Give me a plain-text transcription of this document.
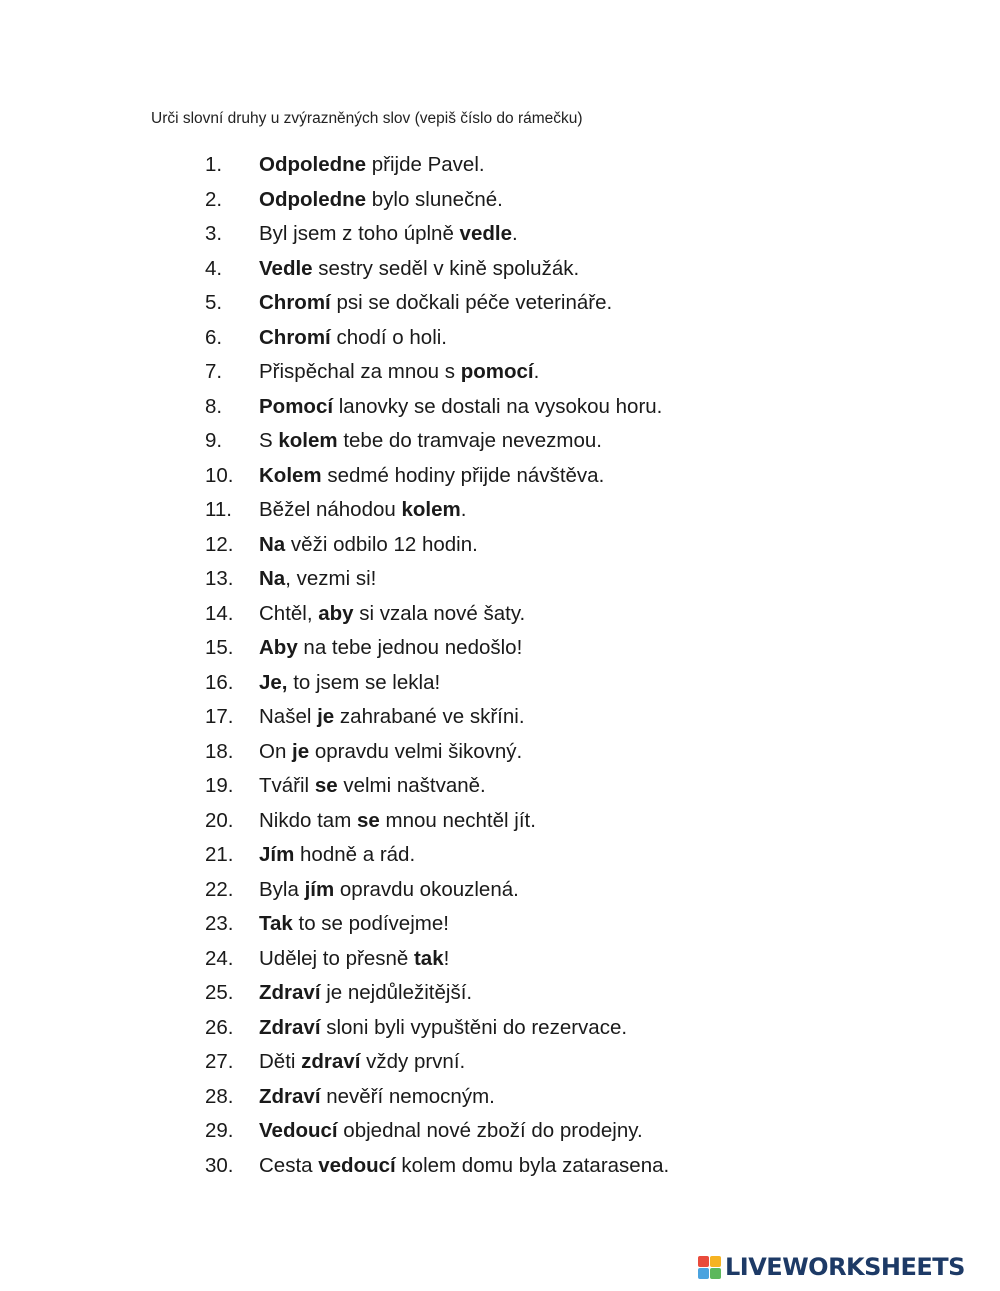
Urči slovní druhy u zvýrazněných slov (vepiš číslo do rámečku)
1.	Odpoledne přijde Pavel.
2.	Odpoledne bylo slunečné.
3.	Byl jsem z toho úplně vedle.
4.	Vedle sestry seděl v kině spolužák.
5.	Chromí psi se dočkali péče veterináře.
6.	Chromí chodí o holi.
7.	Přispěchal za mnou s pomocí.
8.	Pomocí lanovky se dostali na vysokou horu.
9.	S kolem tebe do tramvaje nevezmou.
10.	Kolem sedmé hodiny přijde návštěva.
11.	Běžel náhodou kolem.
12.	Na věži odbilo 12 hodin.
13.	Na, vezmi si!
14.	Chtěl, aby si vzala nové šaty.
15.	Aby na tebe jednou nedošlo!
16.	Je, to jsem se lekla!
17.	Našel je zahrabané ve skříni.
18.	On je opravdu velmi šikovný.
19.	Tvářil se velmi naštvaně.
20.	Nikdo tam se mnou nechtěl jít.
21.	Jím hodně a rád.
22.	Byla jím opravdu okouzlená.
23.	Tak to se podívejme!
24.	Udělej to přesně tak!
25.	Zdraví je nejdůležitější.
26.	Zdraví sloni byli vypuštěni do rezervace.
27.	Děti zdraví vždy první.
28.	Zdraví nevěří nemocným.
29.	Vedoucí objednal nové zboží do prodejny.
30.	Cesta vedoucí kolem domu byla zatarasena.
LIVEWORKSHEETS
